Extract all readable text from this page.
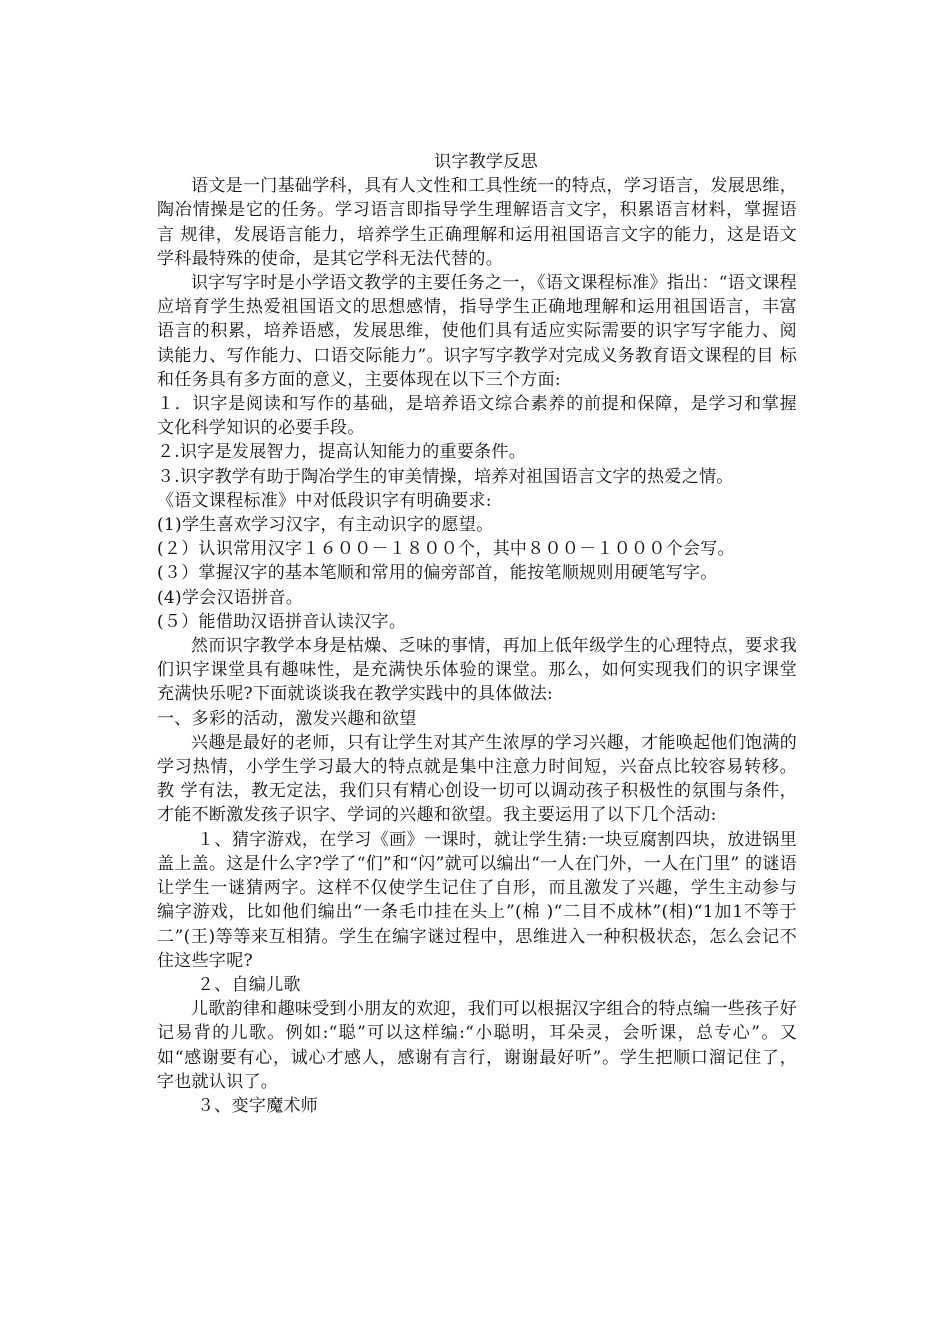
识字教学反思

语文是一门基础学科，具有人文性和工具性统一的特点，学习语言，发展思维，陶冶情操是它的任务。学习语言即指导学生理解语言文字，积累语言材料，掌握语言 规律，发展语言能力，培养学生正确理解和运用祖国语言文字的能力，这是语文学科最特殊的使命，是其它学科无法代替的。

识字写字时是小学语文教学的主要任务之一，《语文课程标准》指出：“语文课程应培育学生热爱祖国语文的思想感情，指导学生正确地理解和运用祖国语言，丰富 语言的积累，培养语感，发展思维，使他们具有适应实际需要的识字写字能力、阅读能力、写作能力、口语交际能力”。识字写字教学对完成义务教育语文课程的目 标和任务具有多方面的意义，主要体现在以下三个方面:

１．识字是阅读和写作的基础，是培养语文综合素养的前提和保障，是学习和掌握文化科学知识的必要手段。

２.识字是发展智力，提高认知能力的重要条件。

３.识字教学有助于陶冶学生的审美情操，培养对祖国语言文字的热爱之情。

《语文课程标准》中对低段识字有明确要求:

(1)学生喜欢学习汉字，有主动识字的愿望。

(２）认识常用汉字１６００－１８００个，其中８００－１０００个会写。

(３）掌握汉字的基本笔顺和常用的偏旁部首，能按笔顺规则用硬笔写字。

(4)学会汉语拼音。

(５）能借助汉语拼音认读汉字。

然而识字教学本身是枯燥、乏味的事情，再加上低年级学生的心理特点，要求我们识字课堂具有趣味性，是充满快乐体验的课堂。那么，如何实现我们的识字课堂充满快乐呢?下面就谈谈我在教学实践中的具体做法:

一、多彩的活动，激发兴趣和欲望

兴趣是最好的老师，只有让学生对其产生浓厚的学习兴趣，才能唤起他们饱满的学习热情，小学生学习最大的特点就是集中注意力时间短，兴奋点比较容易转移。教 学有法，教无定法，我们只有精心创设一切可以调动孩子积极性的氛围与条件，才能不断激发孩子识字、学词的兴趣和欲望。我主要运用了以下几个活动:

１、猜字游戏，在学习《画》一课时，就让学生猜:一块豆腐割四块，放进锅里盖上盖。这是什么字?学了“们”和“闪”就可以编出“一人在门外，一人在门里” 的谜语让学生一谜猜两字。这样不仅使学生记住了自形，而且激发了兴趣，学生主动参与编字游戏，比如他们编出“一条毛巾挂在头上”(棉 )“二目不成林”(相)“1加1不等于二”(王)等等来互相猜。学生在编字谜过程中，思维进入一种积极状态，怎么会记不住这些字呢?

２、自编儿歌

儿歌韵律和趣味受到小朋友的欢迎，我们可以根据汉字组合的特点编一些孩子好记易背的儿歌。例如:“聪”可以这样编:“小聪明，耳朵灵，会听课，总专心”。又如“感谢要有心，诚心才感人，感谢有言行，谢谢最好听”。学生把顺口溜记住了，字也就认识了。

３、变字魔术师
